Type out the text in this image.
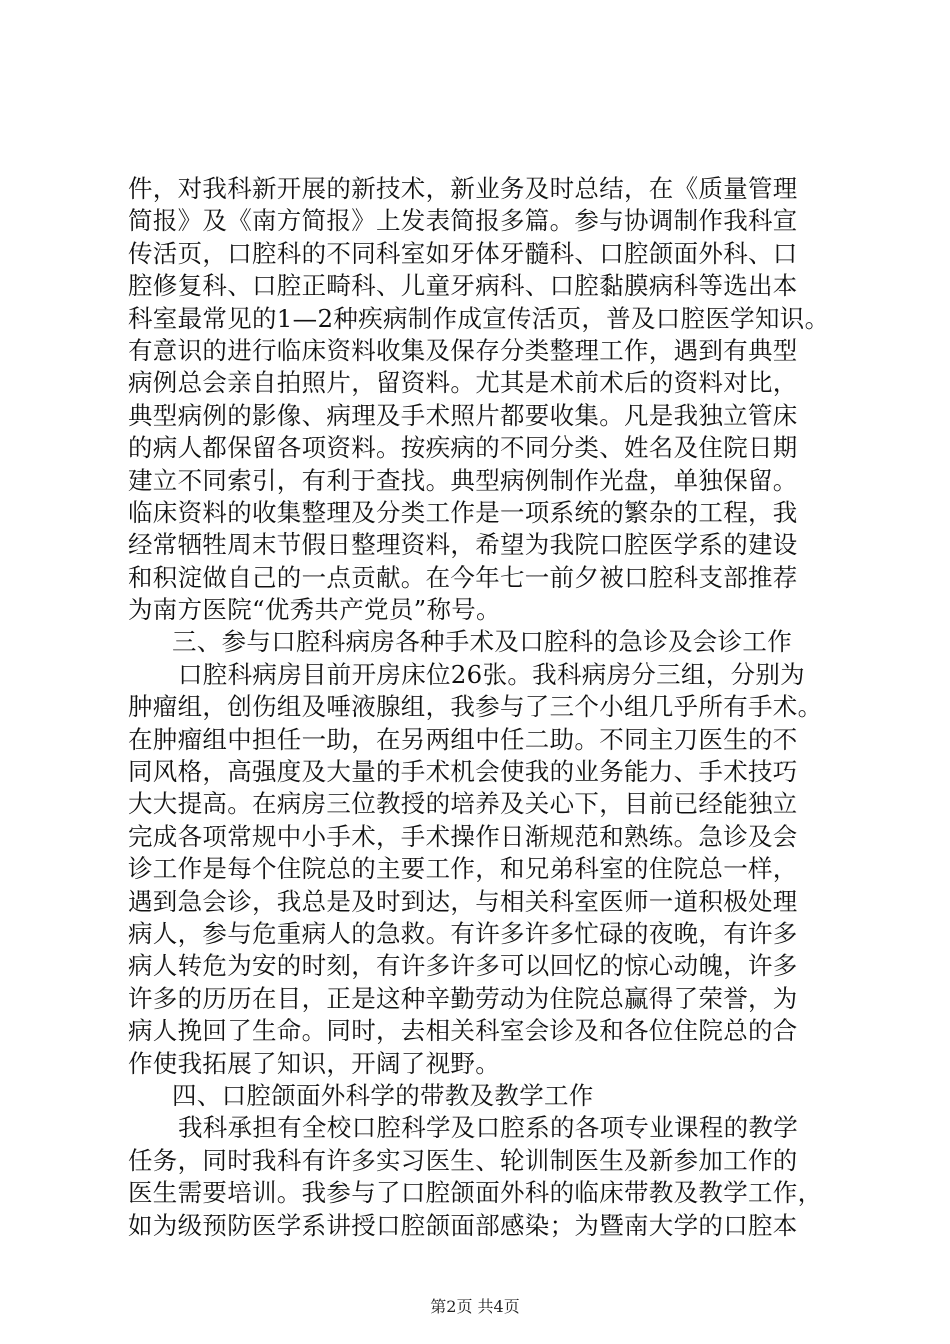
件，对我科新开展的新技术，新业务及时总结，在《质量管理
简报》及《南方简报》上发表简报多篇。参与协调制作我科宣
传活页，口腔科的不同科室如牙体牙髓科、口腔颌面外科、口
腔修复科、口腔正畸科、儿童牙病科、口腔黏膜病科等选出本
科室最常见的1—2种疾病制作成宣传活页，普及口腔医学知识。
有意识的进行临床资料收集及保存分类整理工作，遇到有典型
病例总会亲自拍照片，留资料。尤其是术前术后的资料对比，
典型病例的影像、病理及手术照片都要收集。凡是我独立管床
的病人都保留各项资料。按疾病的不同分类、姓名及住院日期
建立不同索引，有利于查找。典型病例制作光盘，单独保留。
临床资料的收集整理及分类工作是一项系统的繁杂的工程，我
经常牺牲周末节假日整理资料，希望为我院口腔医学系的建设
和积淀做自己的一点贡献。在今年七一前夕被口腔科支部推荐
为南方医院“优秀共产党员”称号。
三、参与口腔科病房各种手术及口腔科的急诊及会诊工作
口腔科病房目前开房床位26张。我科病房分三组，分别为
肿瘤组，创伤组及唾液腺组，我参与了三个小组几乎所有手术。
在肿瘤组中担任一助，在另两组中任二助。不同主刀医生的不
同风格，高强度及大量的手术机会使我的业务能力、手术技巧
大大提高。在病房三位教授的培养及关心下，目前已经能独立
完成各项常规中小手术，手术操作日渐规范和熟练。急诊及会
诊工作是每个住院总的主要工作，和兄弟科室的住院总一样，
遇到急会诊，我总是及时到达，与相关科室医师一道积极处理
病人，参与危重病人的急救。有许多许多忙碌的夜晚，有许多
病人转危为安的时刻，有许多许多可以回忆的惊心动魄，许多
许多的历历在目，正是这种辛勤劳动为住院总赢得了荣誉，为
病人挽回了生命。同时，去相关科室会诊及和各位住院总的合
作使我拓展了知识，开阔了视野。
四、口腔颌面外科学的带教及教学工作
我科承担有全校口腔科学及口腔系的各项专业课程的教学
任务，同时我科有许多实习医生、轮训制医生及新参加工作的
医生需要培训。我参与了口腔颌面外科的临床带教及教学工作，
如为级预防医学系讲授口腔颌面部感染；为暨南大学的口腔本
第2页 共4页
